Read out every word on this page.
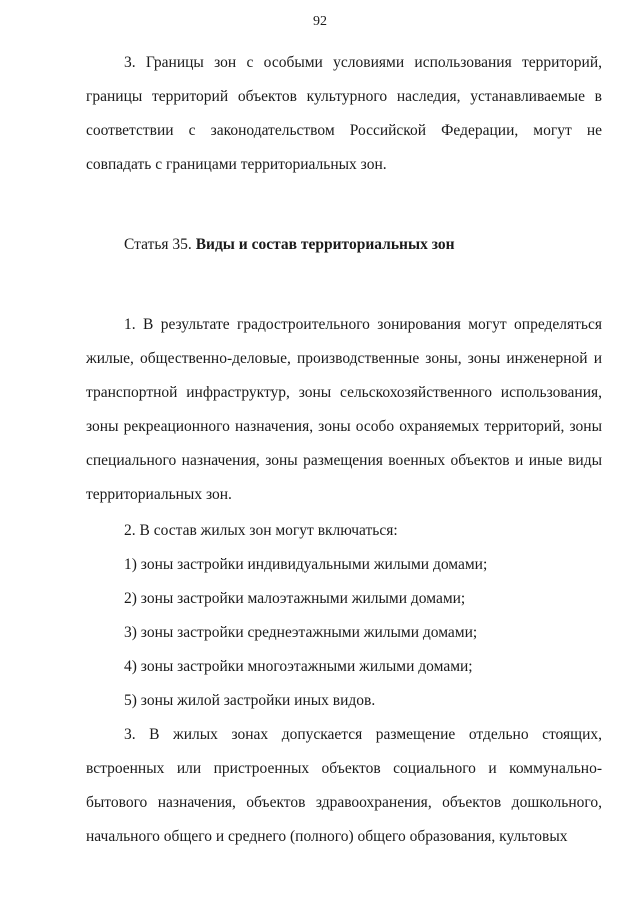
92

3. Границы зон с особыми условиями использования территорий, границы территорий объектов культурного наследия, устанавливаемые в соответствии с законодательством Российской Федерации, могут не совпадать с границами территориальных зон.

Статья 35. Виды и состав территориальных зон

1. В результате градостроительного зонирования могут определяться жилые, общественно-деловые, производственные зоны, зоны инженерной и транспортной инфраструктур, зоны сельскохозяйственного использования, зоны рекреационного назначения, зоны особо охраняемых территорий, зоны специального назначения, зоны размещения военных объектов и иные виды территориальных зон.

2. В состав жилых зон могут включаться:

1) зоны застройки индивидуальными жилыми домами;

2) зоны застройки малоэтажными жилыми домами;

3) зоны застройки среднеэтажными жилыми домами;

4) зоны застройки многоэтажными жилыми домами;

5) зоны жилой застройки иных видов.

3. В жилых зонах допускается размещение отдельно стоящих, встроенных или пристроенных объектов социального и коммунально-бытового назначения, объектов здравоохранения, объектов дошкольного, начального общего и среднего (полного) общего образования, культовых
